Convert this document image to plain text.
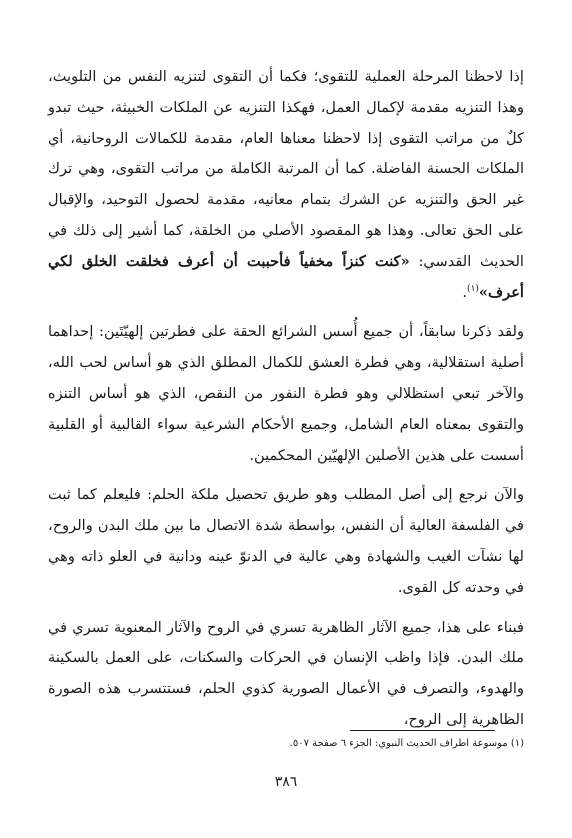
إذا لاحظنا المرحلة العملية للتقوى؛ فكما أن التقوى لتنزيه النفس من التلويث، وهذا التنزيه مقدمة لإكمال العمل، فهكذا التنزيه عن الملكات الخبيثة، حيث تبدو كلٌ من مراتب التقوى إذا لاحظنا معناها العام، مقدمة للكمالات الروحانية، أي الملكات الحسنة الفاضلة. كما أن المرتبة الكاملة من مراتب التقوى، وهي ترك غير الحق والتنزيه عن الشرك بتمام معانيه، مقدمة لحصول التوحيد، والإقبال على الحق تعالى. وهذا هو المقصود الأصلي من الخلقة، كما أشير إلى ذلك في الحديث القدسي: «كنت كنزاً مخفياً فأحببت أن أعرف فخلقت الخلق لكي أعرف»$^{(١)}$.

ولقد ذكرنا سابقاً، أن جميع أُسس الشرائع الحقة على فطرتين إلهيّتَين: إحداهما أصلية استقلالية، وهي فطرة العشق للكمال المطلق الذي هو أساس لحب الله، والآخر تبعي استظلالي وهو فطرة النفور من النقص، الذي هو أساس التنزه والتقوى بمعناه العام الشامل، وجميع الأحكام الشرعية سواء القالبية أو القلبية أسست على هذين الأصلين الإلهيّين المحكمين.

والآن نرجع إلى أصل المطلب وهو طريق تحصيل ملكة الحلم: فليعلم كما ثبت في الفلسفة العالية أن النفس، بواسطة شدة الاتصال ما بين ملك البدن والروح، لها نشآت الغيب والشهادة وهي عالية في الدنوّ عينه ودانية في العلو ذاته وهي في وحدته كل القوى.

فبناء على هذا، جميع الآثار الظاهرية تسري في الروح والآثار المعنوية تسري في ملك البدن. فإذا واظب الإنسان في الحركات والسكنات، على العمل بالسكينة والهدوء، والتصرف في الأعمال الصورية كذوي الحلم، فستتسرب هذه الصورة الظاهرية إلى الروح،

(١) موسوعة اطراف الحديث النبوي: الجزء ٦ صفحة ٥٠٧.
٣٨٦
